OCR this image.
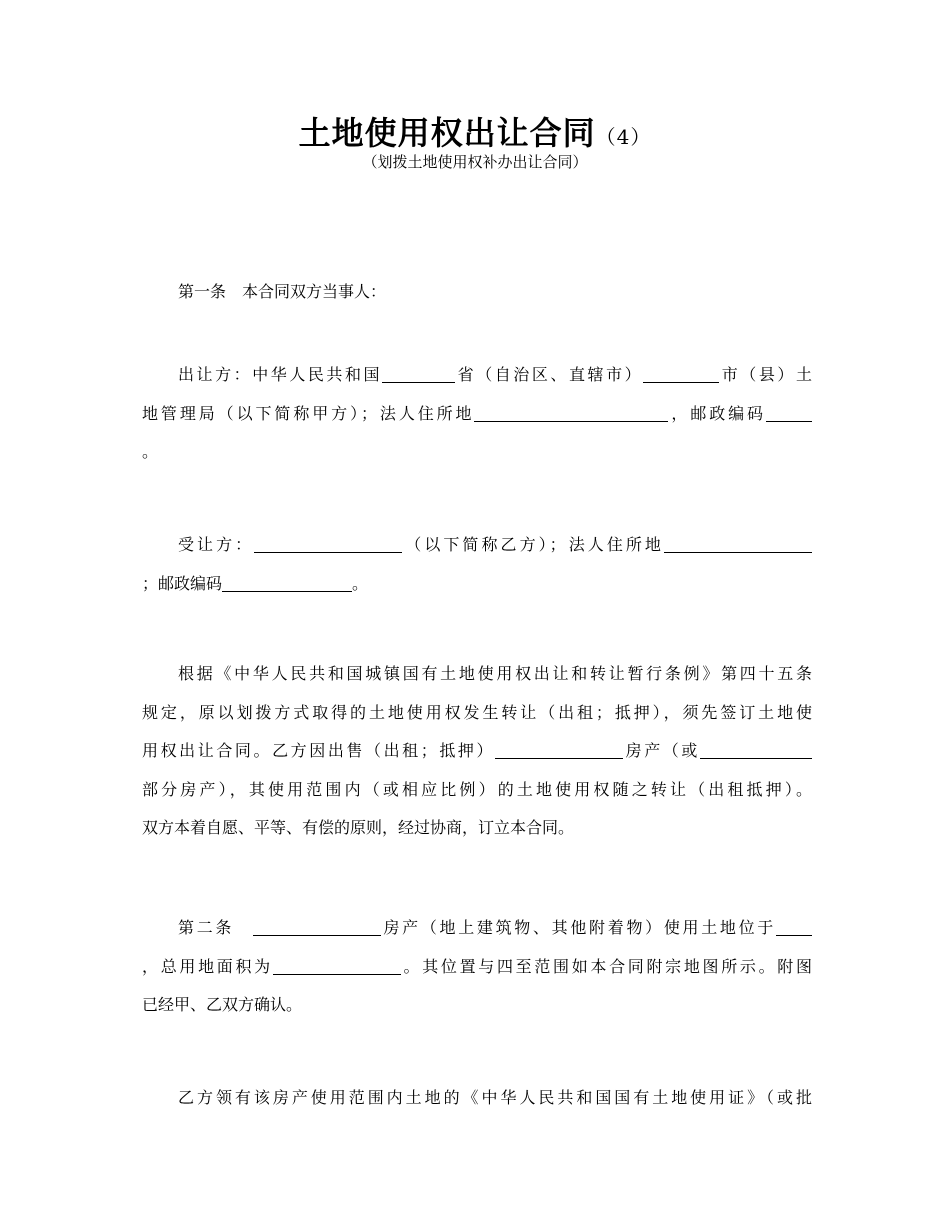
土地使用权出让合同（4）
（划拨土地使用权补办出让合同）
第一条　本合同双方当事人：
出让方：中华人民共和国	省（自治区、直辖市）	市（县）土
地管理局（以下简称甲方）；法人住所地	，邮政编码
。
受让方：	（以下简称乙方）；法人住所地
；邮政编码	。
根据《中华人民共和国城镇国有土地使用权出让和转让暂行条例》第四十五条
规定，原以划拨方式取得的土地使用权发生转让（出租；抵押），须先签订土地使
用权出让合同。乙方因出售（出租；抵押）	房产（或
部分房产），其使用范围内（或相应比例）的土地使用权随之转让（出租抵押）。
双方本着自愿、平等、有偿的原则，经过协商，订立本合同。
第二条　	房产（地上建筑物、其他附着物）使用土地位于
，总用地面积为	。其位置与四至范围如本合同附宗地图所示。附图
已经甲、乙双方确认。
乙方领有该房产使用范围内土地的《中华人民共和国国有土地使用证》（或批
